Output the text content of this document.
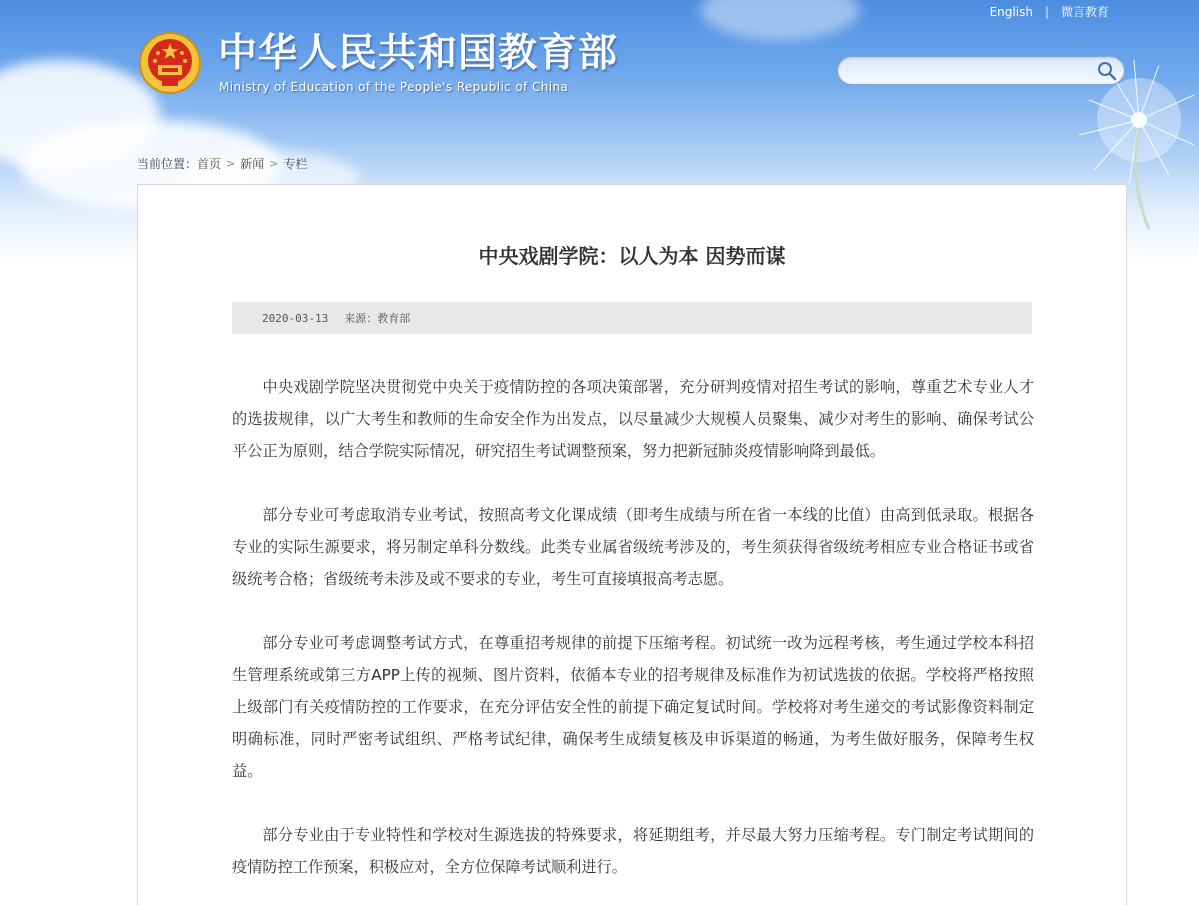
English | 微言教育
中华人民共和国教育部
Ministry of Education of the People's Republic of China
当前位置： 首页 > 新闻 > 专栏
中央戏剧学院：以人为本 因势而谋
2020-03-13 来源：教育部

中央戏剧学院坚决贯彻党中央关于疫情防控的各项决策部署，充分研判疫情对招生考试的影响，尊重艺术专业人才的选拔规律，以广大考生和教师的生命安全作为出发点，以尽量减少大规模人员聚集、减少对考生的影响、确保考试公平公正为原则，结合学院实际情况，研究招生考试调整预案，努力把新冠肺炎疫情影响降到最低。

部分专业可考虑取消专业考试，按照高考文化课成绩（即考生成绩与所在省一本线的比值）由高到低录取。根据各专业的实际生源要求，将另制定单科分数线。此类专业属省级统考涉及的，考生须获得省级统考相应专业合格证书或省级统考合格；省级统考未涉及或不要求的专业，考生可直接填报高考志愿。

部分专业可考虑调整考试方式，在尊重招考规律的前提下压缩考程。初试统一改为远程考核，考生通过学校本科招生管理系统或第三方APP上传的视频、图片资料，依循本专业的招考规律及标准作为初试选拔的依据。学校将严格按照上级部门有关疫情防控的工作要求，在充分评估安全性的前提下确定复试时间。学校将对考生递交的考试影像资料制定明确标准，同时严密考试组织、严格考试纪律，确保考生成绩复核及申诉渠道的畅通，为考生做好服务，保障考生权益。

部分专业由于专业特性和学校对生源选拔的特殊要求，将延期组考，并尽最大努力压缩考程。专门制定考试期间的疫情防控工作预案，积极应对，全方位保障考试顺利进行。
